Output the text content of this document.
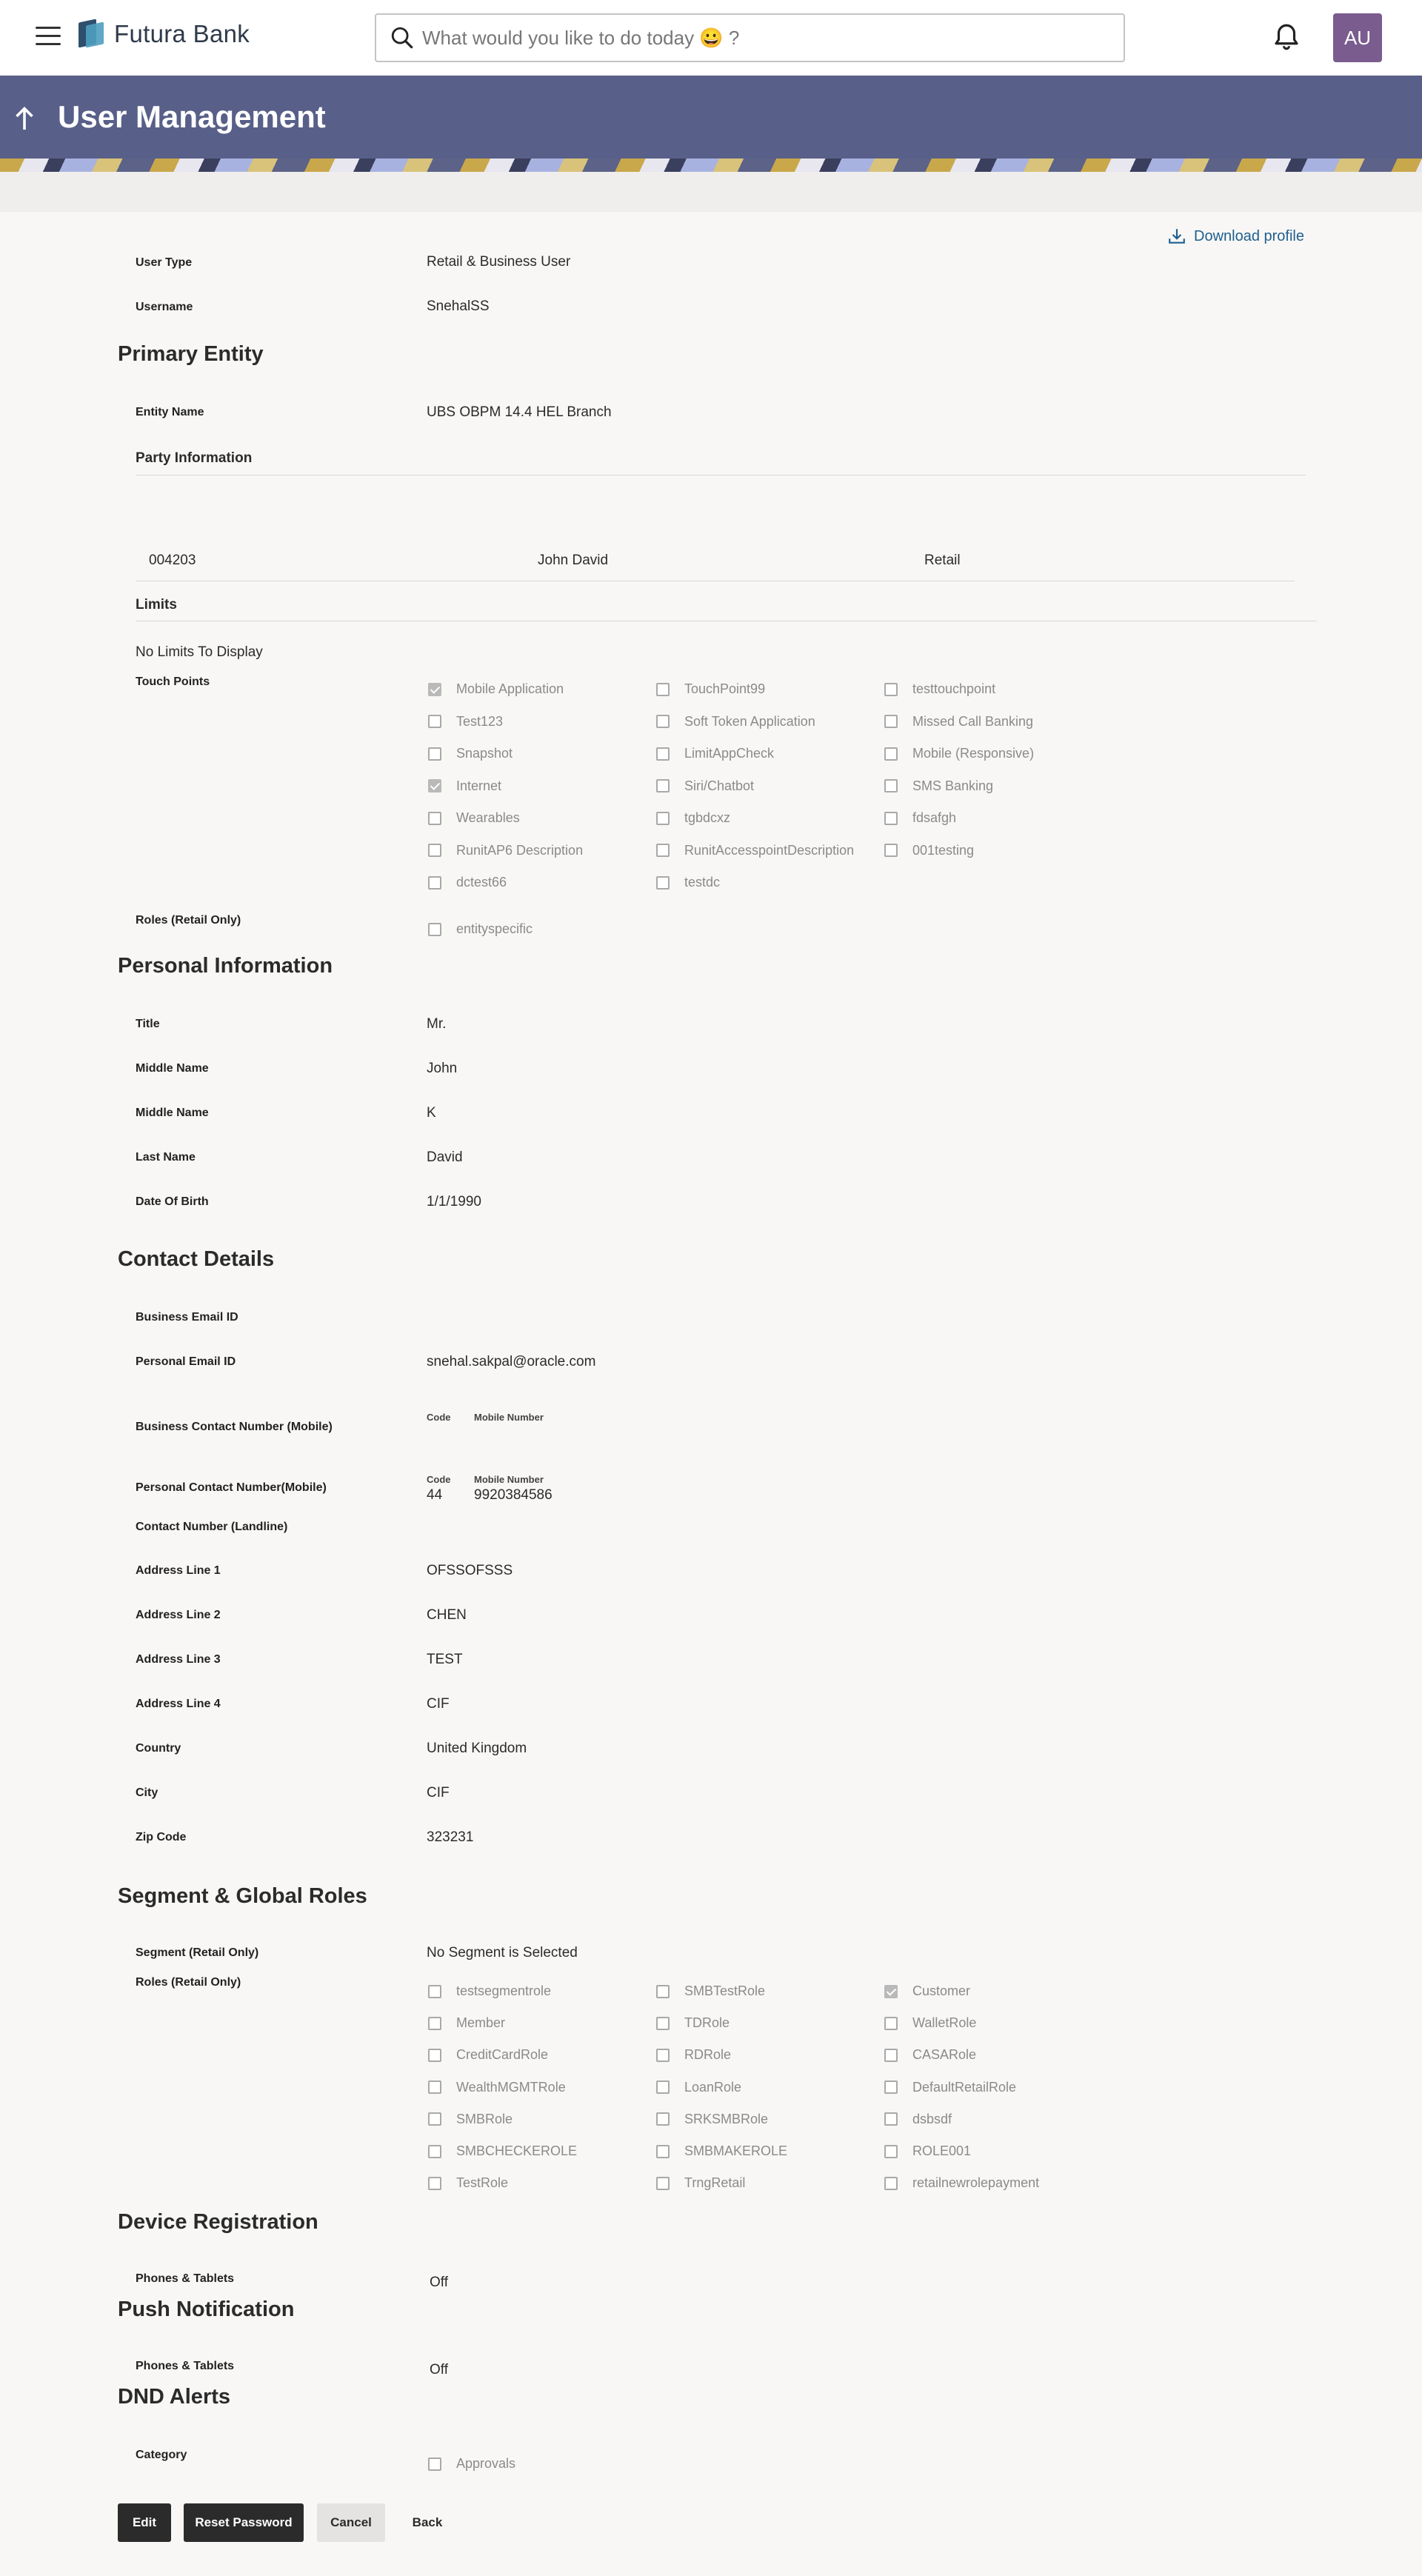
Futura Bank
What would you like to do today 😀 ?	AU
User Management
Download profile
User Type	Retail & Business User
Username	SnehalSS
Primary Entity
Entity Name	UBS OBPM 14.4 HEL Branch
Party Information
004203	John David	Retail
Limits
No Limits To Display
Touch Points	Mobile Application	TouchPoint99	testtouchpoint
Test123	Soft Token Application	Missed Call Banking
Snapshot	LimitAppCheck	Mobile (Responsive)
Internet	Siri/Chatbot	SMS Banking
Wearables	tgbdcxz	fdsafgh
RunitAP6 Description	RunitAccesspointDescription	001testing
dctest66	testdc
Roles (Retail Only)
entityspecific
Personal Information
Title	Mr.
Middle Name	John
Middle Name	K
Last Name	David
Date Of Birth	1/1/1990
Contact Details
Business Email ID
Personal Email ID	snehal.sakpal@oracle.com
Business Contact Number (Mobile)
Code Mobile Number
Personal Contact Number(Mobile)
Code Mobile Number
44 9920384586
Contact Number (Landline)
Address Line 1	OFSSOFSSS
Address Line 2	CHEN
Address Line 3	TEST
Address Line 4	CIF
Country	United Kingdom
City	CIF
Zip Code	323231
Segment & Global Roles
Segment (Retail Only)	No Segment is Selected
Roles (Retail Only)
testsegmentrole	SMBTestRole	Customer
Member	TDRole	WalletRole
CreditCardRole	RDRole	CASARole
WealthMGMTRole	LoanRole	DefaultRetailRole
SMBRole	SRKSMBRole	dsbsdf
SMBCHECKEROLE	SMBMAKEROLE	ROLE001
TestRole	TrngRetail	retailnewrolepayment
Device Registration
Phones & Tablets	Off
Push Notification
Phones & Tablets	Off
DND Alerts
Category
Approvals
Edit	Reset Password	Cancel	Back
